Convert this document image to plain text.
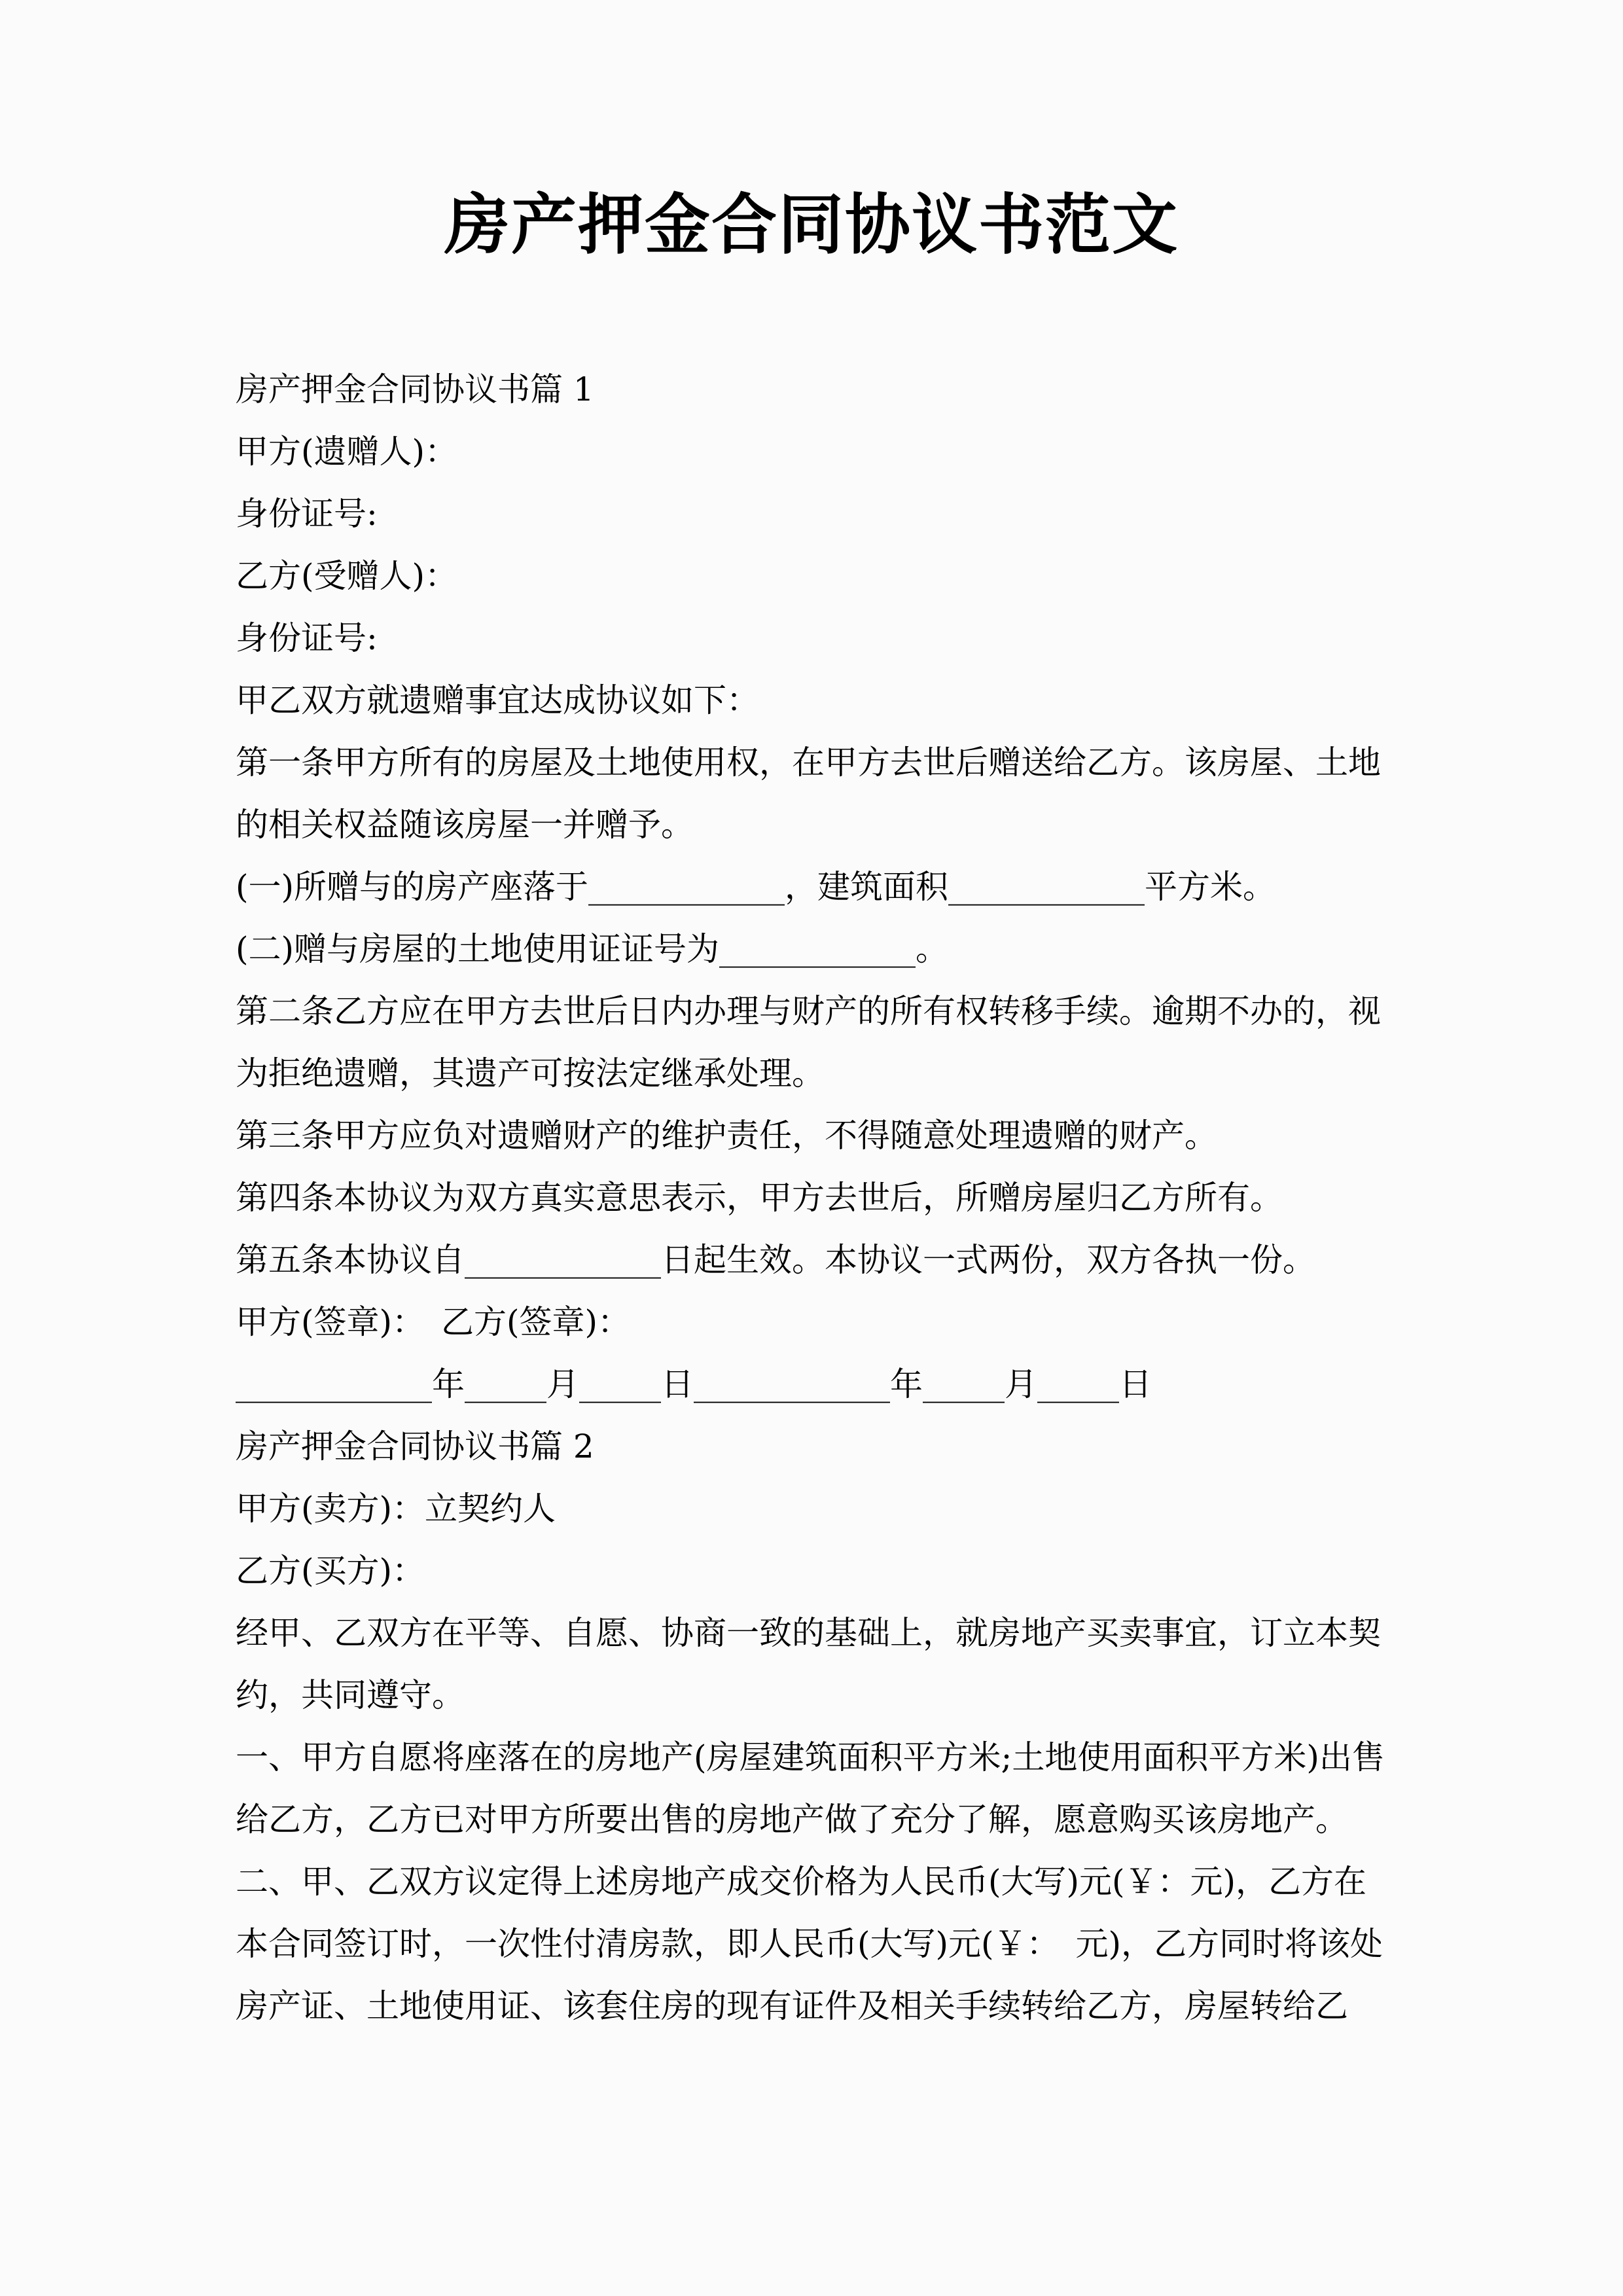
房产押金合同协议书范文

房产押金合同协议书篇 1

甲方(遗赠人)：

身份证号:

乙方(受赠人)：

身份证号:

甲乙双方就遗赠事宜达成协议如下：

第一条甲方所有的房屋及土地使用权，在甲方去世后赠送给乙方。该房屋、土地的相关权益随该房屋一并赠予。

(一)所赠与的房产座落于____________，建筑面积____________平方米。

(二)赠与房屋的土地使用证证号为____________。

第二条乙方应在甲方去世后日内办理与财产的所有权转移手续。逾期不办的，视为拒绝遗赠，其遗产可按法定继承处理。

第三条甲方应负对遗赠财产的维护责任，不得随意处理遗赠的财产。

第四条本协议为双方真实意思表示，甲方去世后，所赠房屋归乙方所有。

第五条本协议自____________日起生效。本协议一式两份，双方各执一份。

甲方(签章)：　乙方(签章)：

____________年_____月_____日____________年_____月_____日

房产押金合同协议书篇 2

甲方(卖方)：立契约人

乙方(买方)：

经甲、乙双方在平等、自愿、协商一致的基础上，就房地产买卖事宜，订立本契约，共同遵守。

一、甲方自愿将座落在的房地产(房屋建筑面积平方米;土地使用面积平方米)出售给乙方，乙方已对甲方所要出售的房地产做了充分了解，愿意购买该房地产。

二、甲、乙双方议定得上述房地产成交价格为人民币(大写)元(￥：元)，乙方在本合同签订时，一次性付清房款，即人民币(大写)元(￥：　元)，乙方同时将该处房产证、土地使用证、该套住房的现有证件及相关手续转给乙方，房屋转给乙
